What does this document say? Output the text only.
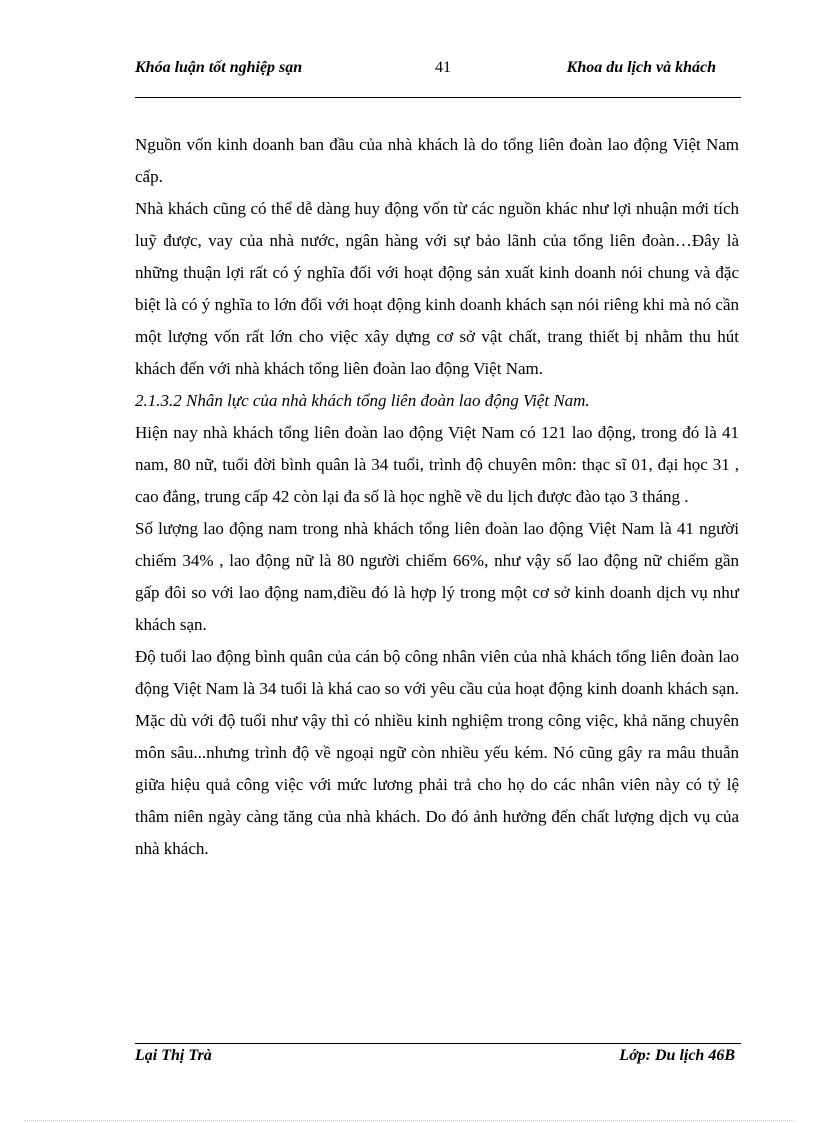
Khóa luận tốt nghiệp sạn	41	Khoa du lịch và khách

Nguồn vốn kinh doanh ban đầu của nhà khách là do tổng liên đoàn lao động Việt Nam cấp.

Nhà khách cũng có thể dễ dàng huy động vốn từ các nguồn khác như lợi nhuận mới tích luỹ được, vay của nhà nước, ngân hàng với sự bảo lãnh của tổng liên đoàn…Đây là những thuận lợi rất có ý nghĩa đối với hoạt động sản xuất kinh doanh nói chung và đặc biệt là có ý nghĩa to lớn đối với hoạt động kinh doanh khách sạn nói riêng khi mà nó cần một lượng vốn rất lớn cho việc xây dựng cơ sở vật chất, trang thiết bị nhằm thu hút khách đến với nhà khách tổng liên đoàn lao động Việt Nam.

2.1.3.2 Nhân lực của nhà khách tổng liên đoàn lao động Việt Nam.

Hiện nay nhà khách tổng liên đoàn lao động Việt Nam có 121 lao động, trong đó là 41 nam, 80 nữ, tuổi đời bình quân là 34 tuổi, trình độ chuyên môn: thạc sĩ 01, đại học 31 , cao đẳng, trung cấp 42 còn lại đa số là học nghề về du lịch được đào tạo 3 tháng .

Số lượng lao động nam trong nhà khách tổng liên đoàn lao động Việt Nam là 41 người chiếm 34% , lao động nữ là 80 người chiếm 66%, như vậy số lao động nữ chiếm gần gấp đôi so với lao động nam,điều đó là hợp lý trong một cơ sở kinh doanh dịch vụ như khách sạn.

Độ tuổi lao động bình quân của cán bộ công nhân viên của nhà khách tổng liên đoàn lao động Việt Nam là 34 tuổi là khá cao so với yêu cầu của hoạt động kinh doanh khách sạn. Mặc dù với độ tuổi như vậy thì có nhiều kinh nghiệm trong công việc, khả năng chuyên môn sâu...nhưng trình độ về ngoại ngữ còn nhiều yếu kém. Nó cũng gây ra mâu thuẫn giữa hiệu quả công việc với mức lương phải trả cho họ do các nhân viên này có tỷ lệ thâm niên ngày càng tăng của nhà khách. Do đó ảnh hưởng đến chất lượng dịch vụ của nhà khách.

Lại Thị Trà	Lớp: Du lịch 46B
